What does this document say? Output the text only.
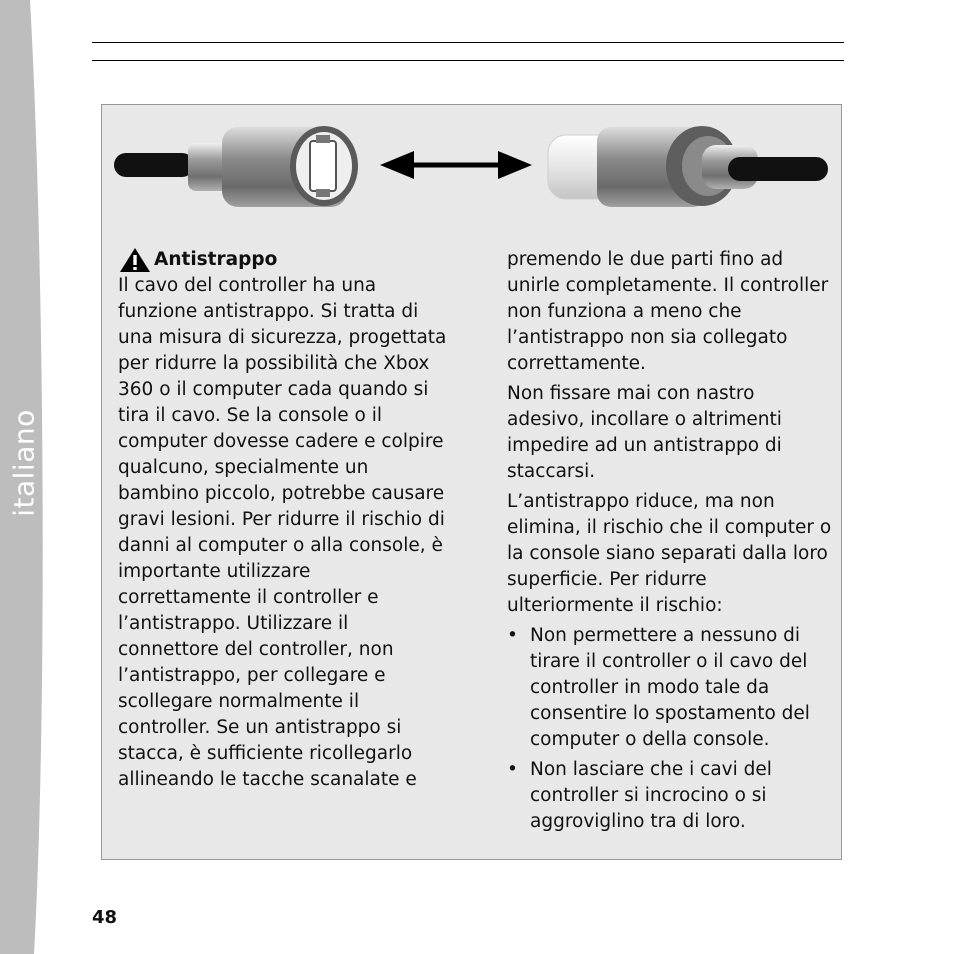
italiano
Antistrappo

Il cavo del controller ha una funzione antistrappo. Si tratta di una misura di sicurezza, progettata per ridurre la possibilità che Xbox 360 o il computer cada quando si tira il cavo. Se la console o il computer dovesse cadere e colpire qualcuno, specialmente un bambino piccolo, potrebbe causare gravi lesioni. Per ridurre il rischio di danni al computer o alla console, è importante utilizzare correttamente il controller e l’antistrappo. Utilizzare il connettore del controller, non l’antistrappo, per collegare e scollegare normalmente il controller. Se un antistrappo si stacca, è sufficiente ricollegarlo allineando le tacche scanalate e

premendo le due parti fino ad unirle completamente. Il controller non funziona a meno che l’antistrappo non sia collegato correttamente.

Non fissare mai con nastro adesivo, incollare o altrimenti impedire ad un antistrappo di staccarsi.

L’antistrappo riduce, ma non elimina, il rischio che il computer o la console siano separati dalla loro superficie. Per ridurre ulteriormente il rischio:

• Non permettere a nessuno di tirare il controller o il cavo del controller in modo tale da consentire lo spostamento del computer o della console.
• Non lasciare che i cavi del controller si incrocino o si aggroviglino tra di loro.
48
